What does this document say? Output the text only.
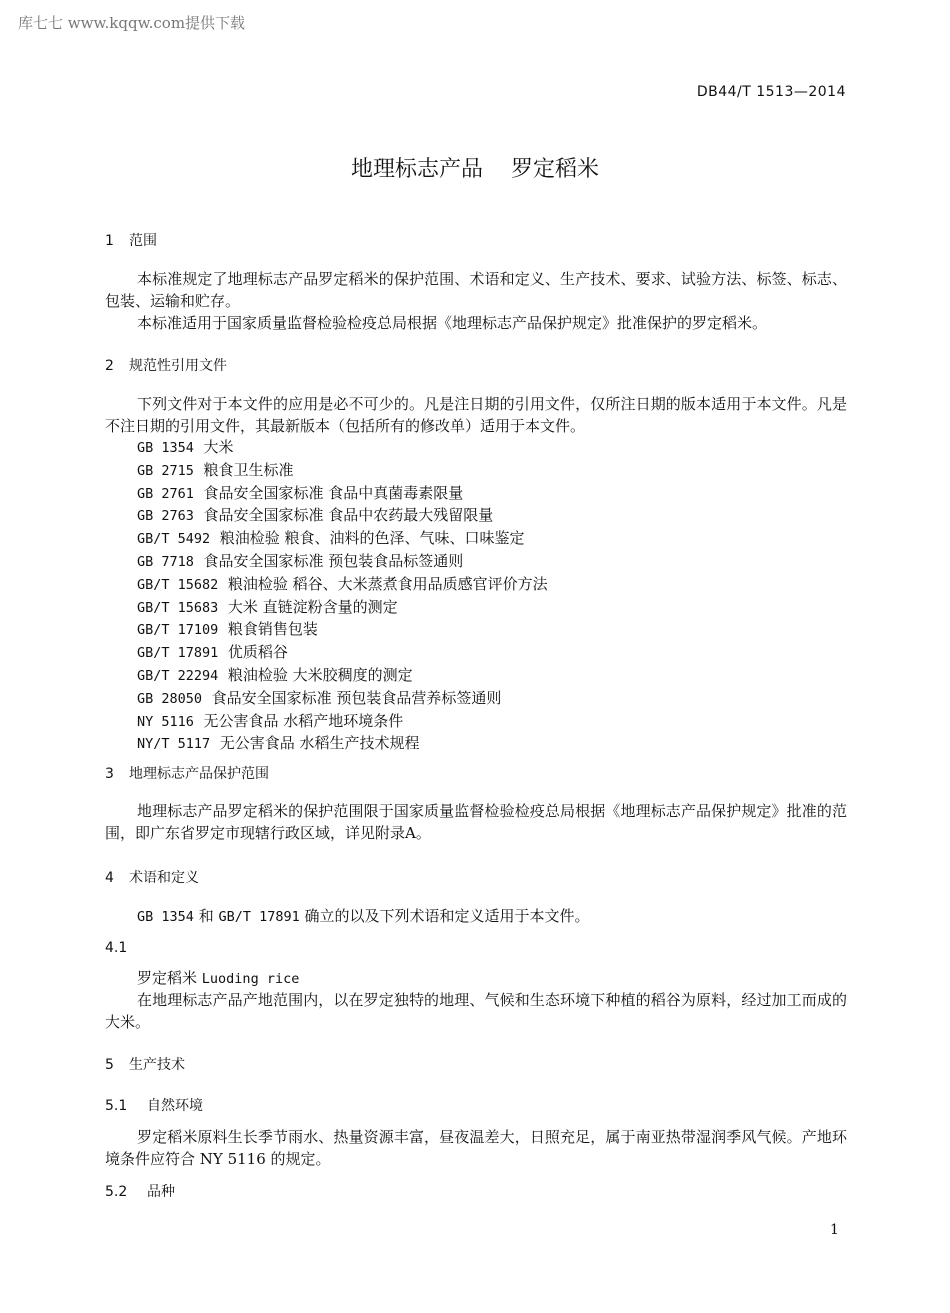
库七七 www.kqqw.com提供下载
DB44/T 1513—2014
地理标志产品 罗定稻米
1 范围
本标准规定了地理标志产品罗定稻米的保护范围、术语和定义、生产技术、要求、试验方法、标签、标志、包装、运输和贮存。
本标准适用于国家质量监督检验检疫总局根据《地理标志产品保护规定》批准保护的罗定稻米。
2 规范性引用文件
下列文件对于本文件的应用是必不可少的。凡是注日期的引用文件，仅所注日期的版本适用于本文件。凡是不注日期的引用文件，其最新版本（包括所有的修改单）适用于本文件。
GB 1354 大米
GB 2715 粮食卫生标准
GB 2761 食品安全国家标准 食品中真菌毒素限量
GB 2763 食品安全国家标准 食品中农药最大残留限量
GB/T 5492 粮油检验 粮食、油料的色泽、气味、口味鉴定
GB 7718 食品安全国家标准 预包装食品标签通则
GB/T 15682 粮油检验 稻谷、大米蒸煮食用品质感官评价方法
GB/T 15683 大米 直链淀粉含量的测定
GB/T 17109 粮食销售包装
GB/T 17891 优质稻谷
GB/T 22294 粮油检验 大米胶稠度的测定
GB 28050 食品安全国家标准 预包装食品营养标签通则
NY 5116 无公害食品 水稻产地环境条件
NY/T 5117 无公害食品 水稻生产技术规程
3 地理标志产品保护范围
地理标志产品罗定稻米的保护范围限于国家质量监督检验检疫总局根据《地理标志产品保护规定》批准的范围，即广东省罗定市现辖行政区域，详见附录A。
4 术语和定义
GB 1354 和 GB/T 17891 确立的以及下列术语和定义适用于本文件。
4.1
罗定稻米 Luoding rice
在地理标志产品产地范围内，以在罗定独特的地理、气候和生态环境下种植的稻谷为原料，经过加工而成的大米。
5 生产技术
5.1 自然环境
罗定稻米原料生长季节雨水、热量资源丰富，昼夜温差大，日照充足，属于南亚热带湿润季风气候。产地环境条件应符合 NY 5116 的规定。
5.2 品种
1
